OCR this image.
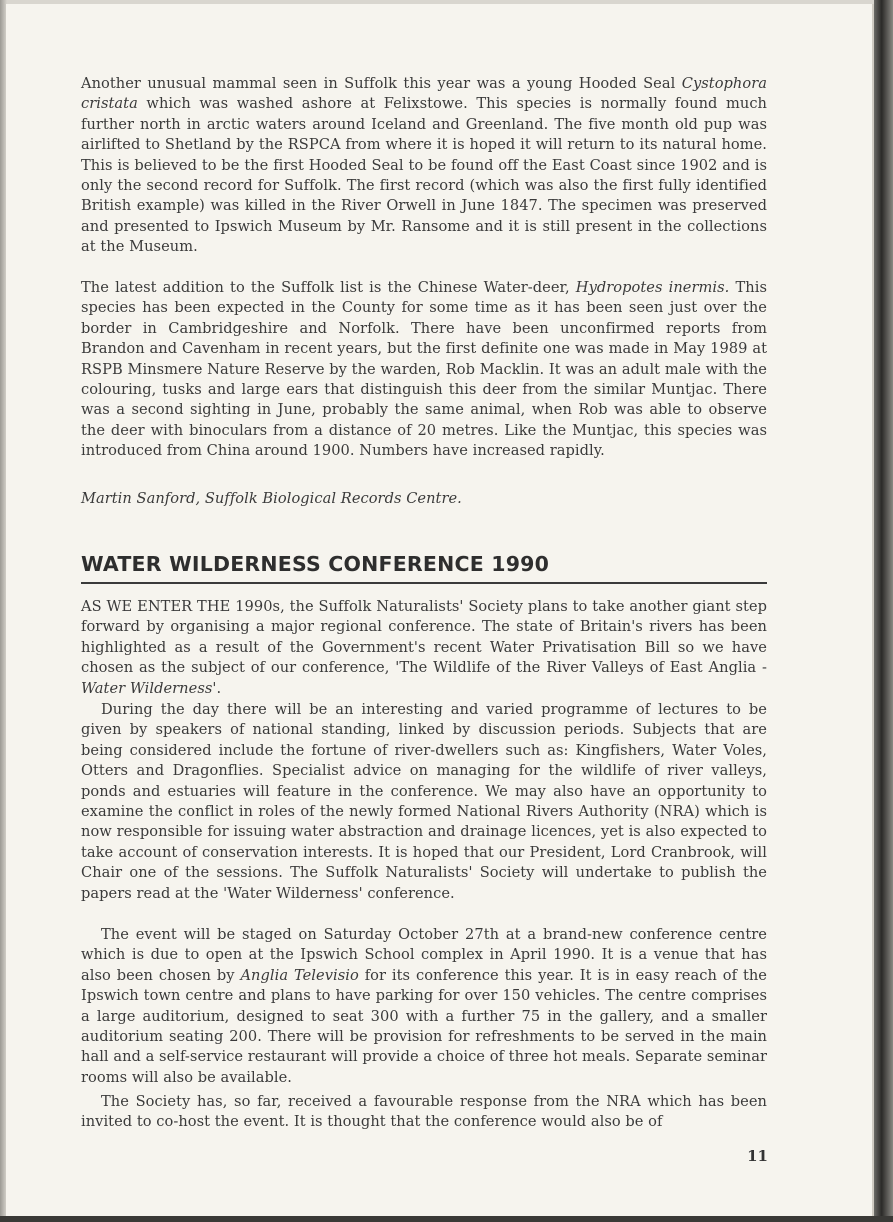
Another unusual mammal seen in Suffolk this year was a young Hooded Seal Cystophora cristata which was washed ashore at Felixstowe. This species is normally found much further north in arctic waters around Iceland and Greenland. The five month old pup was airlifted to Shetland by the RSPCA from where it is hoped it will return to its natural home. This is believed to be the first Hooded Seal to be found off the East Coast since 1902 and is only the second record for Suffolk. The first record (which was also the first fully identified British example) was killed in the River Orwell in June 1847. The specimen was preserved and presented to Ipswich Museum by Mr. Ransome and it is still present in the collections at the Museum.

The latest addition to the Suffolk list is the Chinese Water-deer, Hydropotes inermis. This species has been expected in the County for some time as it has been seen just over the border in Cambridgeshire and Norfolk. There have been unconfirmed reports from Brandon and Cavenham in recent years, but the first definite one was made in May 1989 at RSPB Minsmere Nature Reserve by the warden, Rob Macklin. It was an adult male with the colouring, tusks and large ears that distinguish this deer from the similar Muntjac. There was a second sighting in June, probably the same animal, when Rob was able to observe the deer with binoculars from a distance of 20 metres. Like the Muntjac, this species was introduced from China around 1900. Numbers have increased rapidly.

Martin Sanford, Suffolk Biological Records Centre.
WATER WILDERNESS CONFERENCE 1990

AS WE ENTER THE 1990s, the Suffolk Naturalists' Society plans to take another giant step forward by organising a major regional conference. The state of Britain's rivers has been highlighted as a result of the Government's recent Water Privatisation Bill so we have chosen as the subject of our conference, 'The Wildlife of the River Valleys of East Anglia - Water Wilderness'.

During the day there will be an interesting and varied programme of lectures to be given by speakers of national standing, linked by discussion periods. Subjects that are being considered include the fortune of river-dwellers such as: Kingfishers, Water Voles, Otters and Dragonflies. Specialist advice on managing for the wildlife of river valleys, ponds and estuaries will feature in the conference. We may also have an opportunity to examine the conflict in roles of the newly formed National Rivers Authority (NRA) which is now responsible for issuing water abstraction and drainage licences, yet is also expected to take account of conservation interests. It is hoped that our President, Lord Cranbrook, will Chair one of the sessions. The Suffolk Naturalists' Society will undertake to publish the papers read at the 'Water Wilderness' conference.

The event will be staged on Saturday October 27th at a brand-new conference centre which is due to open at the Ipswich School complex in April 1990. It is a venue that has also been chosen by Anglia Televisio for its conference this year. It is in easy reach of the Ipswich town centre and plans to have parking for over 150 vehicles. The centre comprises a large auditorium, designed to seat 300 with a further 75 in the gallery, and a smaller auditorium seating 200. There will be provision for refreshments to be served in the main hall and a self-service restaurant will provide a choice of three hot meals. Separate seminar rooms will also be available.

The Society has, so far, received a favourable response from the NRA which has been invited to co-host the event. It is thought that the conference would also be of
11
